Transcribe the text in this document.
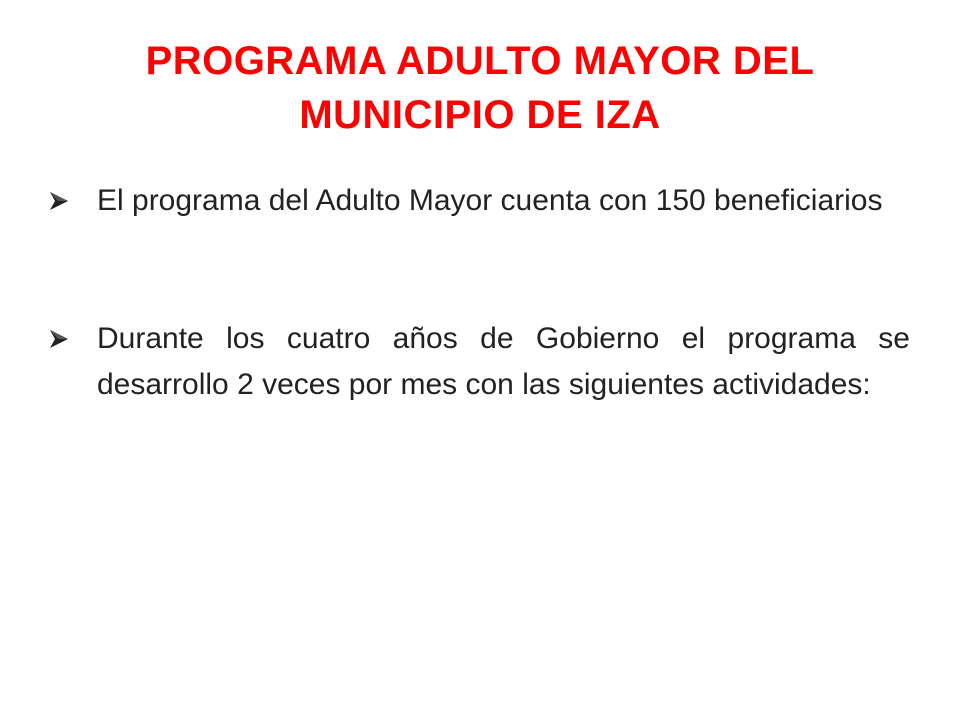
PROGRAMA ADULTO MAYOR DEL MUNICIPIO DE IZA

El programa del Adulto Mayor cuenta con 150 beneficiarios

Durante los cuatro años de Gobierno el programa se desarrollo 2 veces por mes con las siguientes actividades:
